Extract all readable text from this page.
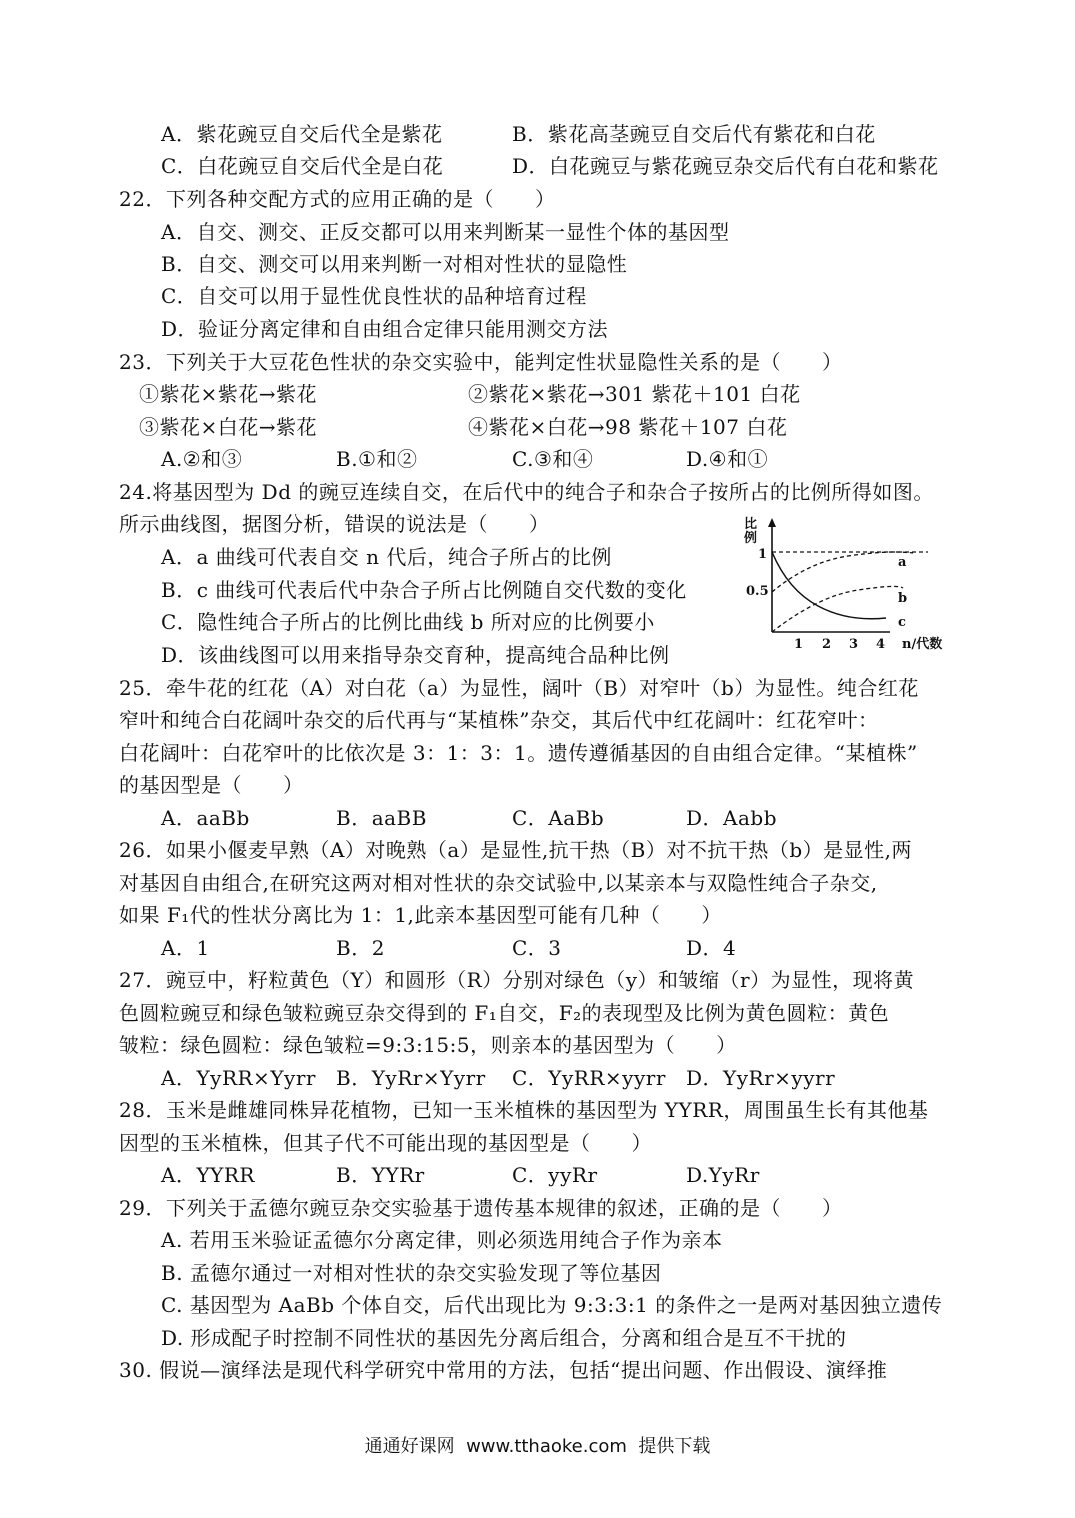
A．紫花豌豆自交后代全是紫花	B．紫花高茎豌豆自交后代有紫花和白花
C．白花豌豆自交后代全是白花	D．白花豌豆与紫花豌豆杂交后代有白花和紫花
22．下列各种交配方式的应用正确的是（　　）
A．自交、测交、正反交都可以用来判断某一显性个体的基因型
B．自交、测交可以用来判断一对相对性状的显隐性
C．自交可以用于显性优良性状的品种培育过程
D．验证分离定律和自由组合定律只能用测交方法
23．下列关于大豆花色性状的杂交实验中，能判定性状显隐性关系的是（　　）
①紫花×紫花→紫花	②紫花×紫花→301 紫花＋101 白花
③紫花×白花→紫花	④紫花×白花→98 紫花＋107 白花
A.②和③	B.①和②	C.③和④	D.④和①
24.将基因型为 Dd 的豌豆连续自交，在后代中的纯合子和杂合子按所占的比例所得如图。
所示曲线图，据图分析，错误的说法是（　　）
A．a 曲线可代表自交 n 代后，纯合子所占的比例
B．c 曲线可代表后代中杂合子所占比例随自交代数的变化
C．隐性纯合子所占的比例比曲线 b 所对应的比例要小
D．该曲线图可以用来指导杂交育种，提高纯合品种比例
比例
1
0.5
a
b
c
1 2 3 4 n/代数
25．牵牛花的红花（A）对白花（a）为显性，阔叶（B）对窄叶（b）为显性。纯合红花
窄叶和纯合白花阔叶杂交的后代再与“某植株”杂交，其后代中红花阔叶：红花窄叶：
白花阔叶：白花窄叶的比依次是 3：1：3：1。遗传遵循基因的自由组合定律。“某植株”
的基因型是（　　）
A．aaBb	B．aaBB	C．AaBb	D．Aabb
26．如果小偃麦早熟（A）对晚熟（a）是显性,抗干热（B）对不抗干热（b）是显性,两
对基因自由组合,在研究这两对相对性状的杂交试验中,以某亲本与双隐性纯合子杂交,
如果 F₁代的性状分离比为 1：1,此亲本基因型可能有几种（　　）
A．1	B．2	C．3	D．4
27．豌豆中，籽粒黄色（Y）和圆形（R）分别对绿色（y）和皱缩（r）为显性，现将黄
色圆粒豌豆和绿色皱粒豌豆杂交得到的 F₁自交，F₂的表现型及比例为黄色圆粒：黄色
皱粒：绿色圆粒：绿色皱粒=9:3:15:5，则亲本的基因型为（　　）
A．YyRR×Yyrr B．YyRr×Yyrr C．YyRR×yyrr D．YyRr×yyrr
28．玉米是雌雄同株异花植物，已知一玉米植株的基因型为 YYRR，周围虽生长有其他基
因型的玉米植株，但其子代不可能出现的基因型是（　　）
A．YYRR	B．YYRr	C．yyRr	D.YyRr
29．下列关于孟德尔豌豆杂交实验基于遗传基本规律的叙述，正确的是（　　）
A. 若用玉米验证孟德尔分离定律，则必须选用纯合子作为亲本
B. 孟德尔通过一对相对性状的杂交实验发现了等位基因
C. 基因型为 AaBb 个体自交，后代出现比为 9:3:3:1 的条件之一是两对基因独立遗传
D. 形成配子时控制不同性状的基因先分离后组合，分离和组合是互不干扰的
30. 假说—演绎法是现代科学研究中常用的方法，包括“提出问题、作出假设、演绎推
通通好课网  www.tthaoke.com  提供下载
